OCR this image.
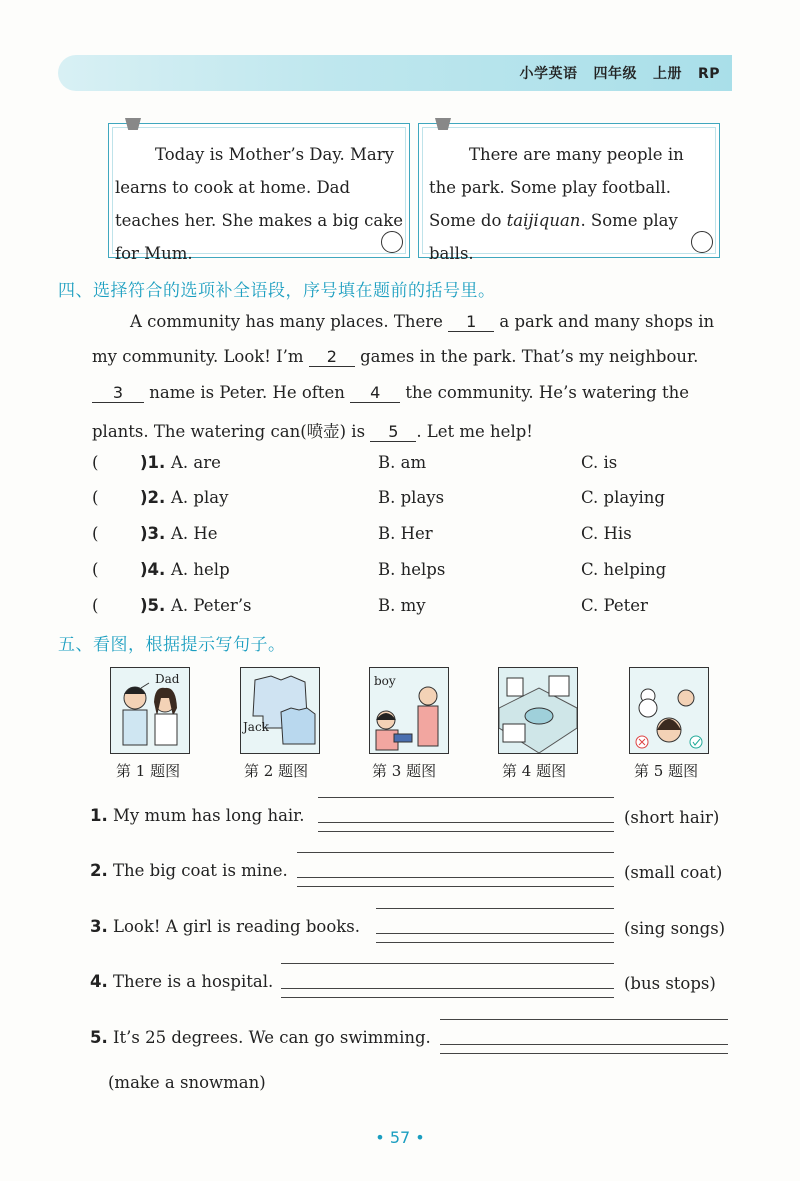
小学英语 四年级 上册 RP

Today is Mother’s Day. Mary learns to cook at home. Dad teaches her. She makes a big cake for Mum.

There are many people in the park. Some play football. Some do taijiquan. Some play balls.

四、选择符合的选项补全语段，序号填在题前的括号里。
A community has many places. There 1 a park and many shops in
my community. Look! I’m 2 games in the park. That’s my neighbour.
3 name is Peter. He often 4 the community. He’s watering the
plants. The watering can(喷壶) is 5 . Let me help!
(	)1. A. are	B. am	C. is
(	)2. A. play	B. plays	C. playing
(	)3. A. He	B. Her	C. His
(	)4. A. help	B. helps	C. helping
(	)5. A. Peter’s	B. my	C. Peter
五、看图，根据提示写句子。
Dad
Jack
boy
第 1 题图	第 2 题图	第 3 题图	第 4 题图	第 5 题图
1. My mum has long hair.	(short hair)
2. The big coat is mine.	(small coat)
3. Look! A girl is reading books.	(sing songs)
4. There is a hospital.	(bus stops)
5. It’s 25 degrees. We can go swimming.
(make a snowman)
• 57 •
